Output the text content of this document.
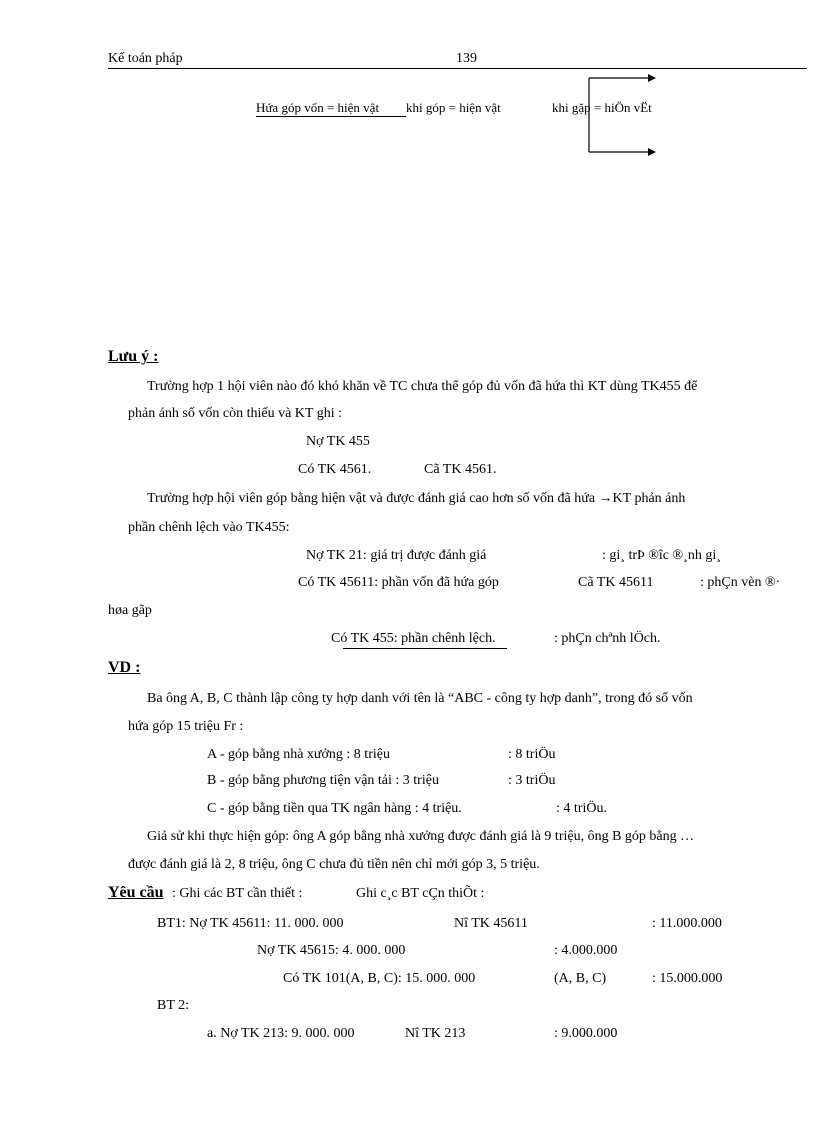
Kế toán pháp	139
Hứa góp vốn = hiện vật khi góp = hiện vật	khi gặp = hiÖn vËt
Lưu ý :
Trường hợp 1 hội viên nào đó khó khăn về TC chưa thể góp đủ vốn đã hứa thì KT dùng TK455 để
phản ánh số vốn còn thiếu và KT ghi :
Nợ TK 455
Có TK 4561.	Cã TK 4561.
Trường hợp hội viên góp bằng hiện vật và được đánh giá cao hơn số vốn đã hứa →KT phản ánh
phần chênh lệch vào TK455:
Nợ TK 21: giá trị được đánh giá	: gi¸ trÞ ®îc ®¸nh gi¸
Có TK 45611: phần vốn đã hứa góp	Cã TK 45611	: phÇn vèn ®·
høa gãp
Có TK 455: phần chênh lệch.	: phÇn chªnh lÖch.
VD :
Ba ông A, B, C thành lập công ty hợp danh với tên là “ABC - công ty hợp danh”, trong đó số vốn
hứa góp 15 triệu Fr :
A - góp bằng nhà xưởng : 8 triệu	: 8 triÖu
B - góp bằng phương tiện vận tải : 3 triệu	: 3 triÖu
C - góp bằng tiền qua TK ngân hàng : 4 triệu.	: 4 triÖu.
Giả sử khi thực hiện góp: ông A góp bằng nhà xưởng được đánh giá là 9 triệu, ông B góp bằng …
được đánh giá là 2, 8 triệu, ông C chưa đủ tiền nên chỉ mới góp 3, 5 triệu.
Yêu cầu : Ghi các BT cần thiết :	Ghi c¸c BT cÇn thiÕt :
BT1: Nợ TK 45611: 11. 000. 000	Nî TK 45611	: 11.000.000
Nợ TK 45615: 4. 000. 000	: 4.000.000
Có TK 101(A, B, C): 15. 000. 000	(A, B, C)	: 15.000.000
BT 2:
a. Nợ TK 213: 9. 000. 000	Nî TK 213	: 9.000.000
